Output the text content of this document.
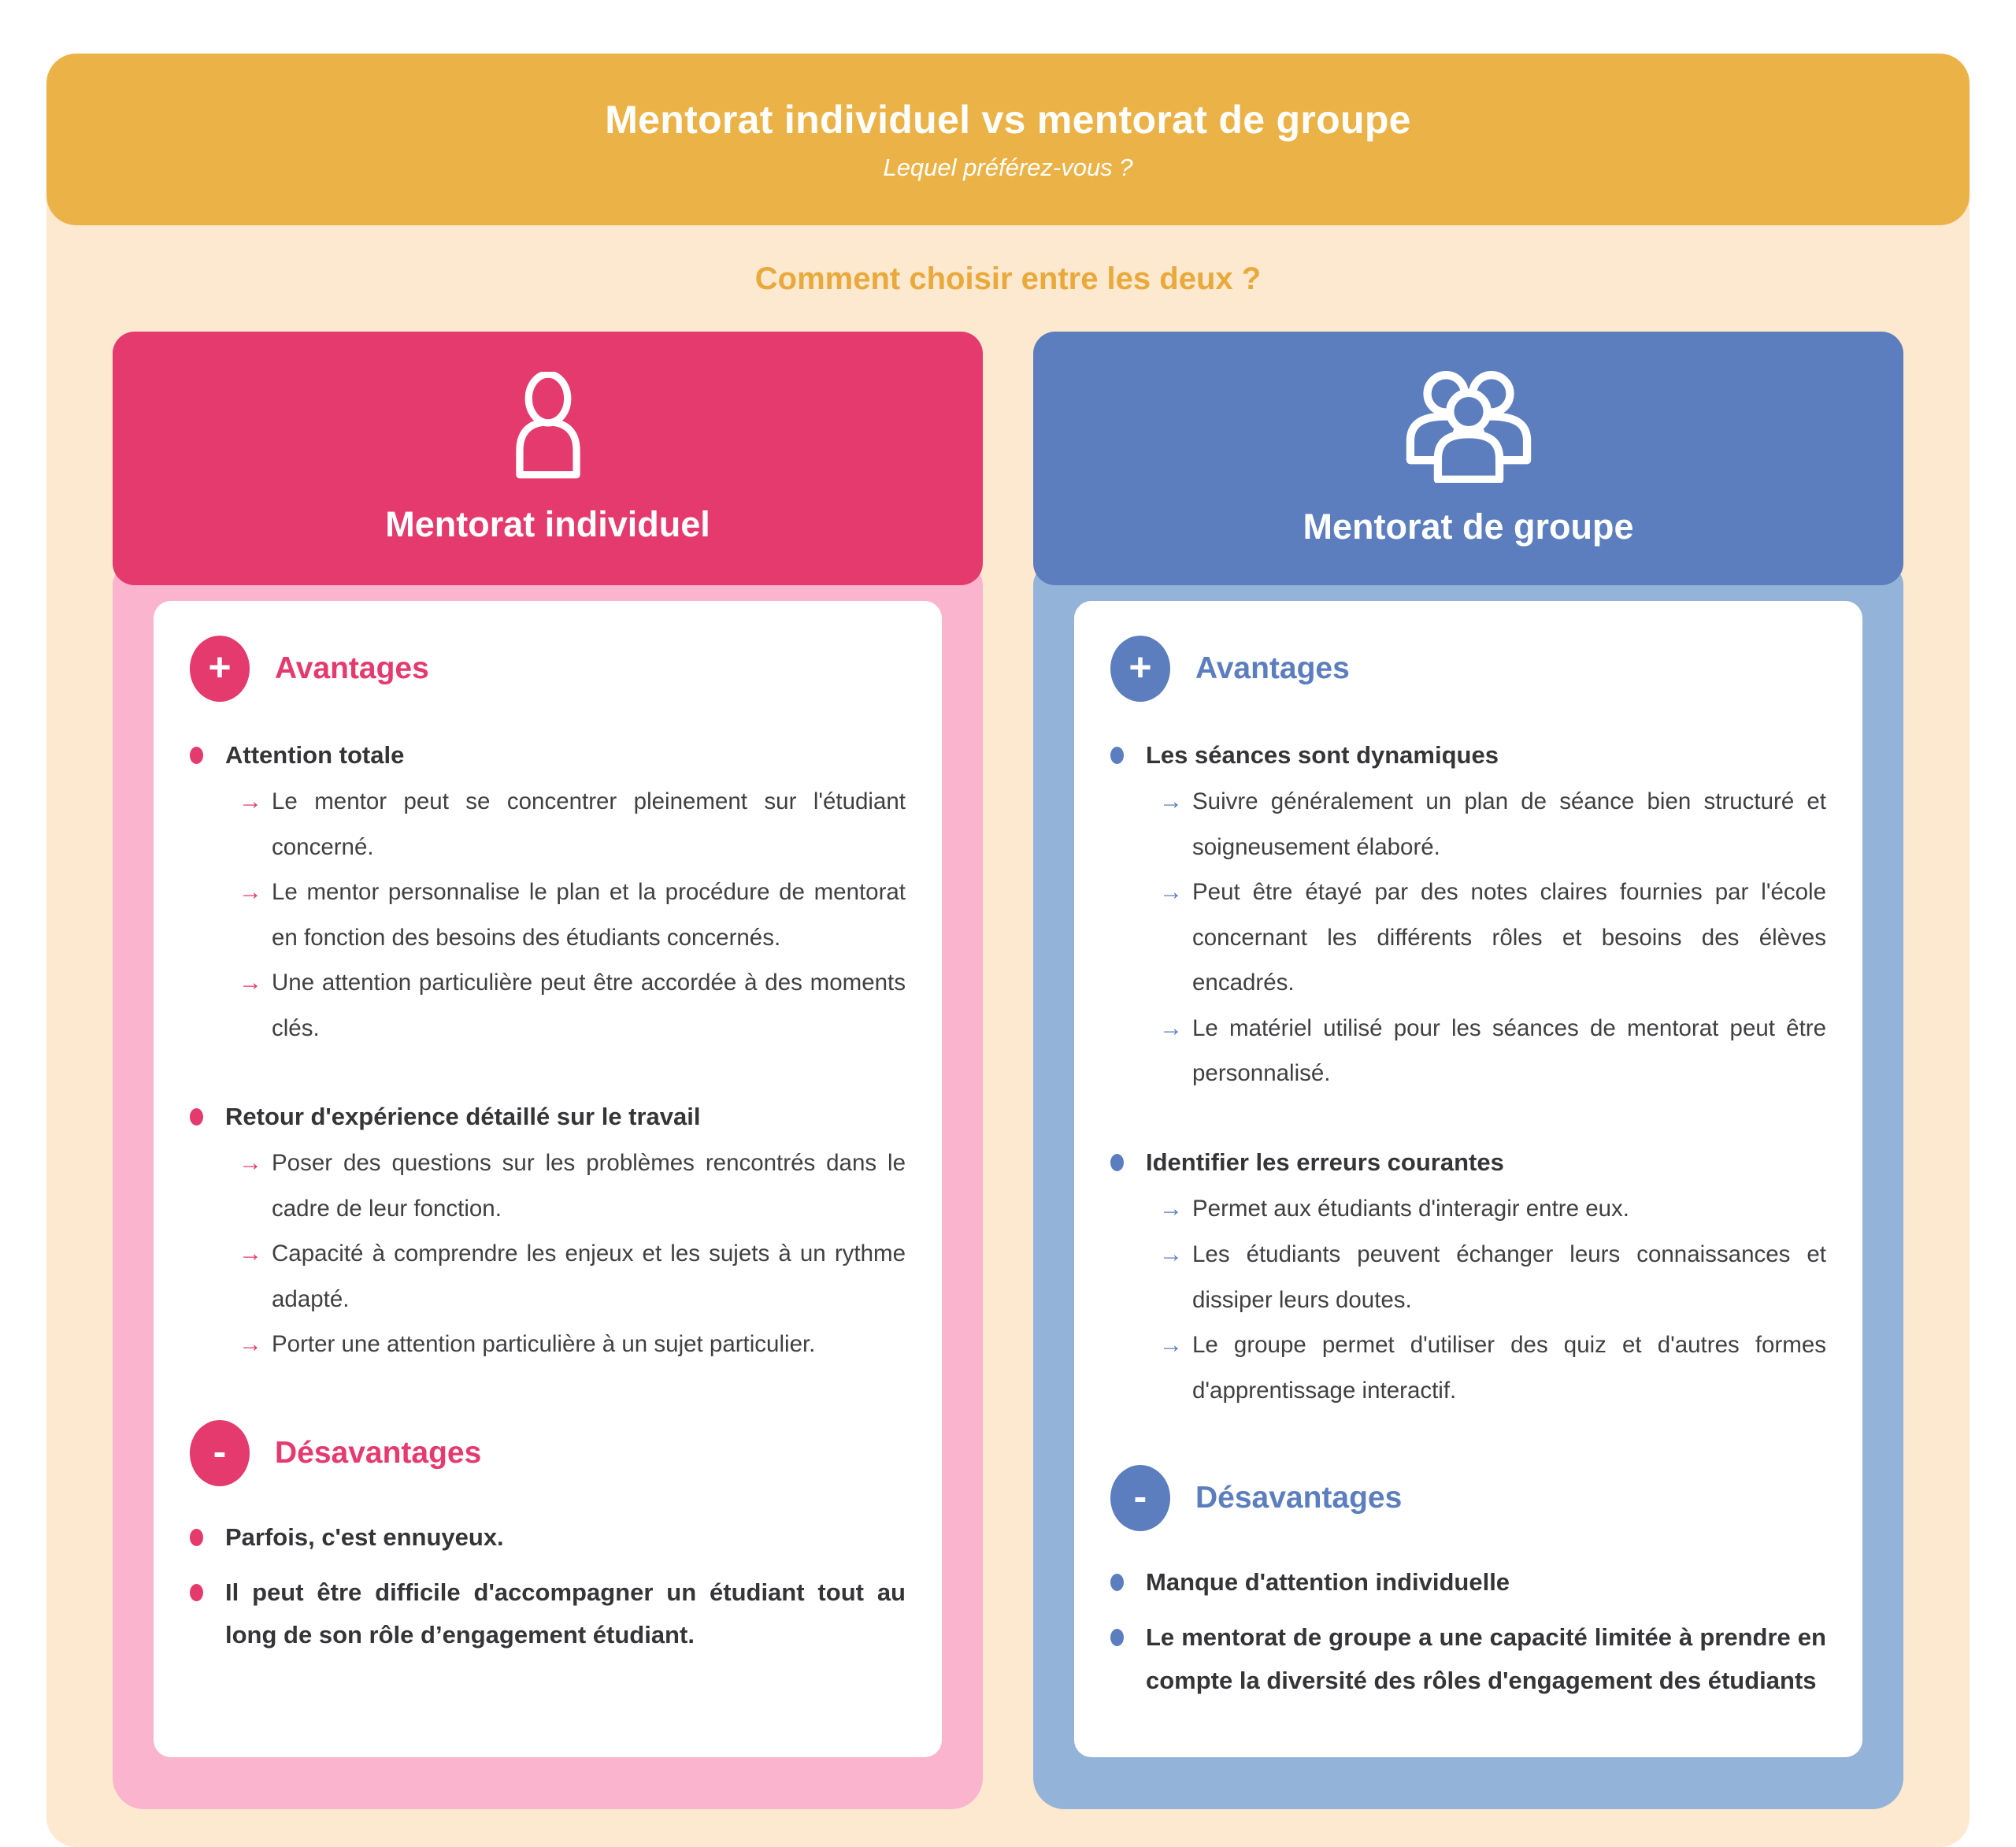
Mentorat individuel vs mentorat de groupe

Lequel préférez-vous ?

Comment choisir entre les deux ?
Mentorat individuel
+	Avantages
Attention totale
→ Le mentor peut se concentrer pleinement sur l'étudiant concerné.

→ Le mentor personnalise le plan et la procédure de mentorat en fonction des besoins des étudiants concernés.

→ Une attention particulière peut être accordée à des moments clés.

Retour d'expérience détaillé sur le travail
→ Poser des questions sur les problèmes rencontrés dans le cadre de leur fonction.

→ Capacité à comprendre les enjeux et les sujets à un rythme adapté.

→ Porter une attention particulière à un sujet particulier.

-	Désavantages

Parfois, c'est ennuyeux.

Il peut être difficile d'accompagner un étudiant tout au long de son rôle d’engagement étudiant.

Mentorat de groupe
+	Avantages
Les séances sont dynamiques
→ Suivre généralement un plan de séance bien structuré et soigneusement élaboré.

→ Peut être étayé par des notes claires fournies par l'école concernant les différents rôles et besoins des élèves encadrés.

→ Le matériel utilisé pour les séances de mentorat peut être personnalisé.

Identifier les erreurs courantes
→ Permet aux étudiants d'interagir entre eux.

→ Les étudiants peuvent échanger leurs connaissances et dissiper leurs doutes.

→ Le groupe permet d'utiliser des quiz et d'autres formes d'apprentissage interactif.

-	Désavantages

Manque d'attention individuelle

Le mentorat de groupe a une capacité limitée à prendre en compte la diversité des rôles d'engagement des étudiants
